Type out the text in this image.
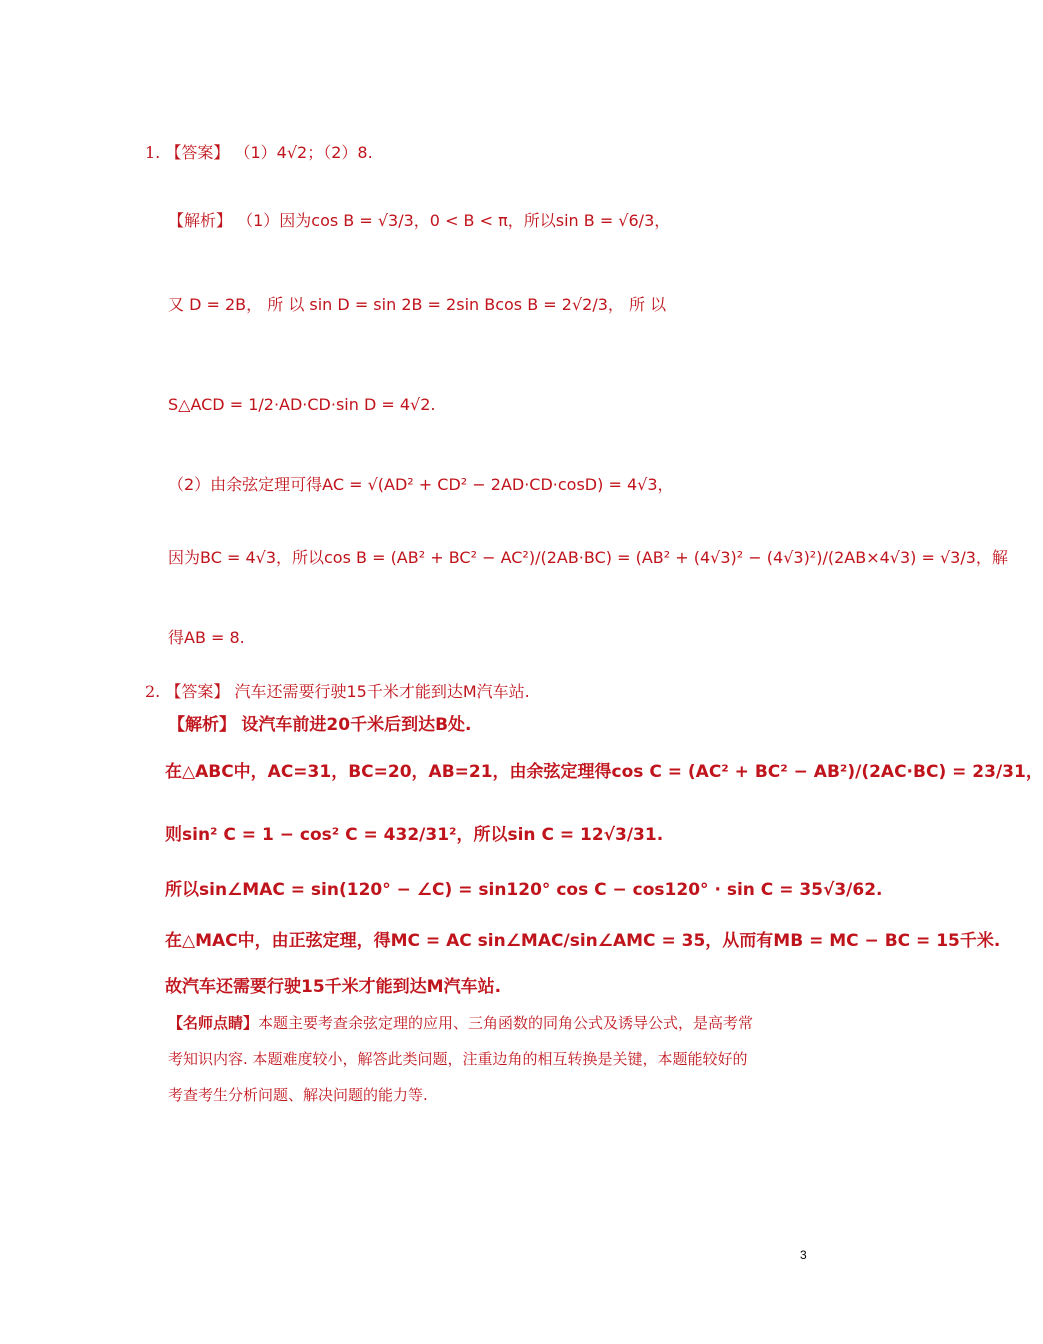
1. 【答案】 （1）4√2；（2）8.
【解析】 （1）因为cos B = √3/3，0 < B < π，所以sin B = √6/3，
又 D = 2B， 所 以 sin D = sin 2B = 2sin Bcos B = 2√2/3， 所 以
S△ACD = 1/2·AD·CD·sin D = 4√2.
（2）由余弦定理可得AC = √(AD² + CD² − 2AD·CD·cosD) = 4√3，
因为BC = 4√3，所以cos B = (AB² + BC² − AC²)/(2AB·BC) = (AB² + (4√3)² − (4√3)²)/(2AB×4√3) = √3/3，解
得AB = 8.
2. 【答案】 汽车还需要行驶15千米才能到达M汽车站.
【解析】 设汽车前进20千米后到达B处.
在△ABC中，AC=31，BC=20，AB=21，由余弦定理得cos C = (AC² + BC² − AB²)/(2AC·BC) = 23/31，
则sin² C = 1 − cos² C = 432/31²，所以sin C = 12√3/31.
所以sin∠MAC = sin(120° − ∠C) = sin120° cos C − cos120° · sin C = 35√3/62.
在△MAC中，由正弦定理，得MC = AC sin∠MAC/sin∠AMC = 35，从而有MB = MC − BC = 15千米.
故汽车还需要行驶15千米才能到达M汽车站.
【名师点睛】本题主要考查余弦定理的应用、三角函数的同角公式及诱导公式，是高考常
考知识内容. 本题难度较小，解答此类问题，注重边角的相互转换是关键，本题能较好的
考查考生分析问题、解决问题的能力等.
3
